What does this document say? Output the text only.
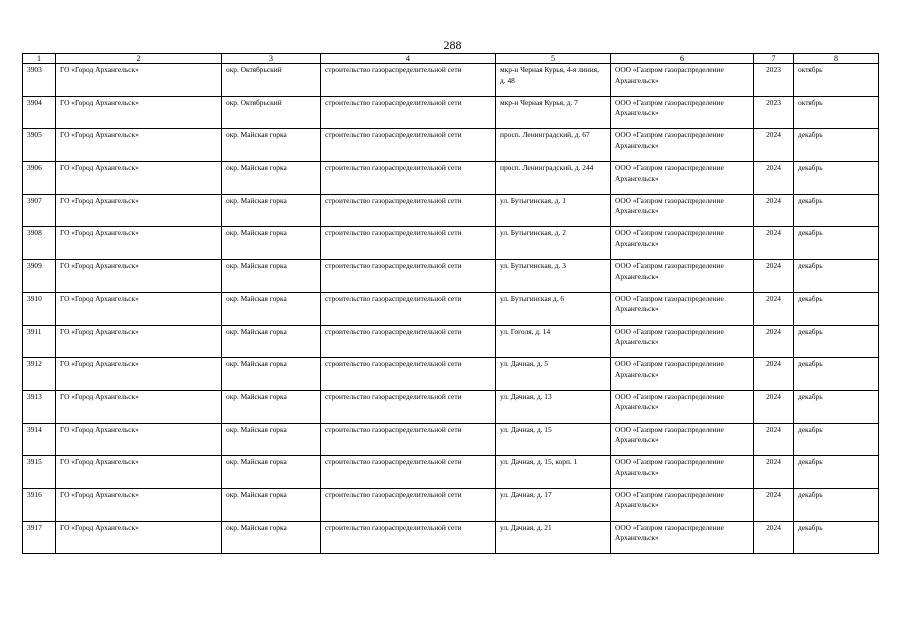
288
1	2	3	4	5	6	7	8
3903	ГО «Город Архангельск»	окр. Октябрьский	строительство газораспределительной сети	мкр-н Черная Курья, 4-я линия, д. 48	ООО «Газпром газораспределение Архангельск»	2023	октябрь
3904	ГО «Город Архангельск»	окр. Октябрьский	строительство газораспределительной сети	мкр-н Черная Курья, д. 7	ООО «Газпром газораспределение Архангельск»	2023	октябрь
3905	ГО «Город Архангельск»	окр. Майская горка	строительство газораспределительной сети	просп. Ленинградский, д. 67	ООО «Газпром газораспределение Архангельск»	2024	декабрь
3906	ГО «Город Архангельск»	окр. Майская горка	строительство газораспределительной сети	просп. Ленинградский, д. 244	ООО «Газпром газораспределение Архангельск»	2024	декабрь
3907	ГО «Город Архангельск»	окр. Майская горка	строительство газораспределительной сети	ул. Бутыгинская, д. 1	ООО «Газпром газораспределение Архангельск»	2024	декабрь
3908	ГО «Город Архангельск»	окр. Майская горка	строительство газораспределительной сети	ул. Бутыгинская, д. 2	ООО «Газпром газораспределение Архангельск»	2024	декабрь
3909	ГО «Город Архангельск»	окр. Майская горка	строительство газораспределительной сети	ул. Бутыгинская, д. 3	ООО «Газпром газораспределение Архангельск»	2024	декабрь
3910	ГО «Город Архангельск»	окр. Майская горка	строительство газораспределительной сети	ул. Бутыгинская д. 6	ООО «Газпром газораспределение Архангельск»	2024	декабрь
3911	ГО «Город Архангельск»	окр. Майская горка	строительство газораспределительной сети	ул. Гоголя, д. 14	ООО «Газпром газораспределение Архангельск»	2024	декабрь
3912	ГО «Город Архангельск»	окр. Майская горка	строительство газораспределительной сети	ул. Дачная, д. 5	ООО «Газпром газораспределение Архангельск»	2024	декабрь
3913	ГО «Город Архангельск»	окр. Майская горка	строительство газораспределительной сети	ул. Дачная, д. 13	ООО «Газпром газораспределение Архангельск»	2024	декабрь
3914	ГО «Город Архангельск»	окр. Майская горка	строительство газораспределительной сети	ул. Дачная, д. 15	ООО «Газпром газораспределение Архангельск»	2024	декабрь
3915	ГО «Город Архангельск»	окр. Майская горка	строительство газораспределительной сети	ул. Дачная, д. 15, корп. 1	ООО «Газпром газораспределение Архангельск»	2024	декабрь
3916	ГО «Город Архангельск»	окр. Майская горка	строительство газораспределительной сети	ул. Дачная, д. 17	ООО «Газпром газораспределение Архангельск»	2024	декабрь
3917	ГО «Город Архангельск»	окр. Майская горка	строительство газораспределительной сети	ул. Дачная, д. 21	ООО «Газпром газораспределение Архангельск»	2024	декабрь
